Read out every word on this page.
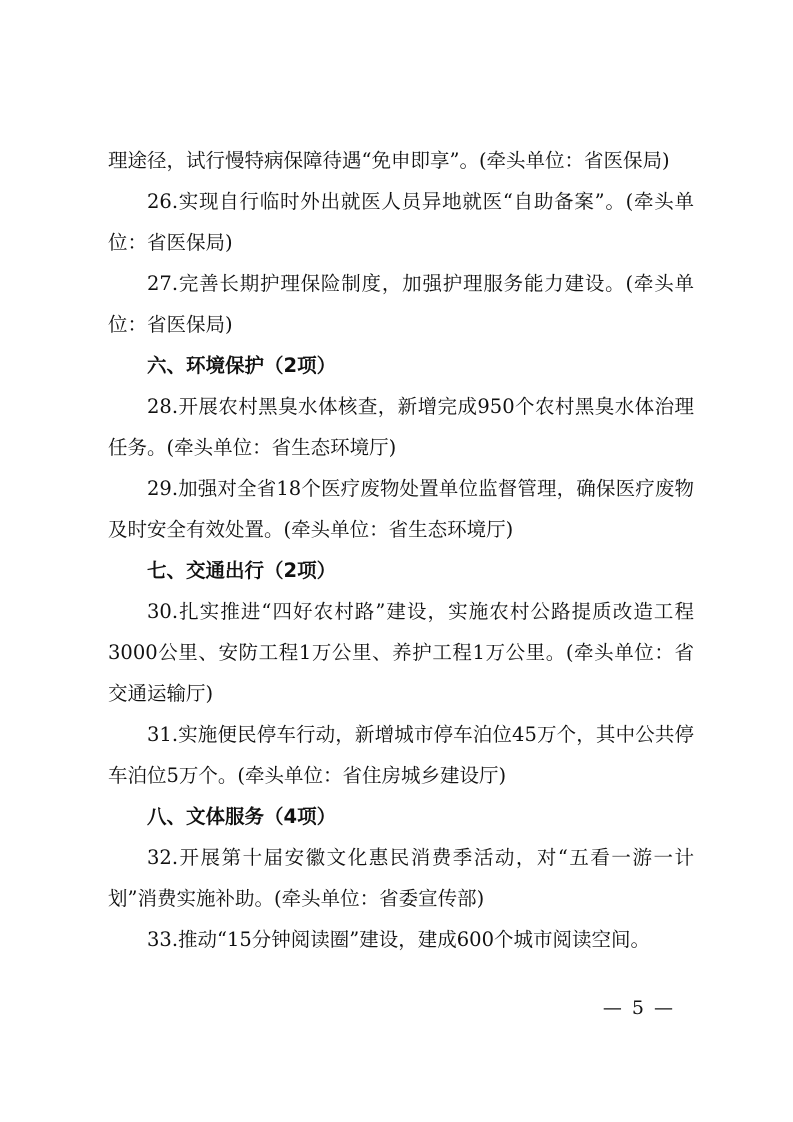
理途径，试行慢特病保障待遇“免申即享”。(牵头单位：省医保局)

26.实现自行临时外出就医人员异地就医“自助备案”。(牵头单位：省医保局)

27.完善长期护理保险制度，加强护理服务能力建设。(牵头单位：省医保局)

六、环境保护（2项）

28.开展农村黑臭水体核查，新增完成950个农村黑臭水体治理任务。(牵头单位：省生态环境厅)

29.加强对全省18个医疗废物处置单位监督管理，确保医疗废物及时安全有效处置。(牵头单位：省生态环境厅)

七、交通出行（2项）

30.扎实推进“四好农村路”建设，实施农村公路提质改造工程3000公里、安防工程1万公里、养护工程1万公里。(牵头单位：省交通运输厅)

31.实施便民停车行动，新增城市停车泊位45万个，其中公共停车泊位5万个。(牵头单位：省住房城乡建设厅)

八、文体服务（4项）

32.开展第十届安徽文化惠民消费季活动，对“五看一游一计划”消费实施补助。(牵头单位：省委宣传部)

33.推动“15分钟阅读圈”建设，建成600个城市阅读空间。

— 5 —
